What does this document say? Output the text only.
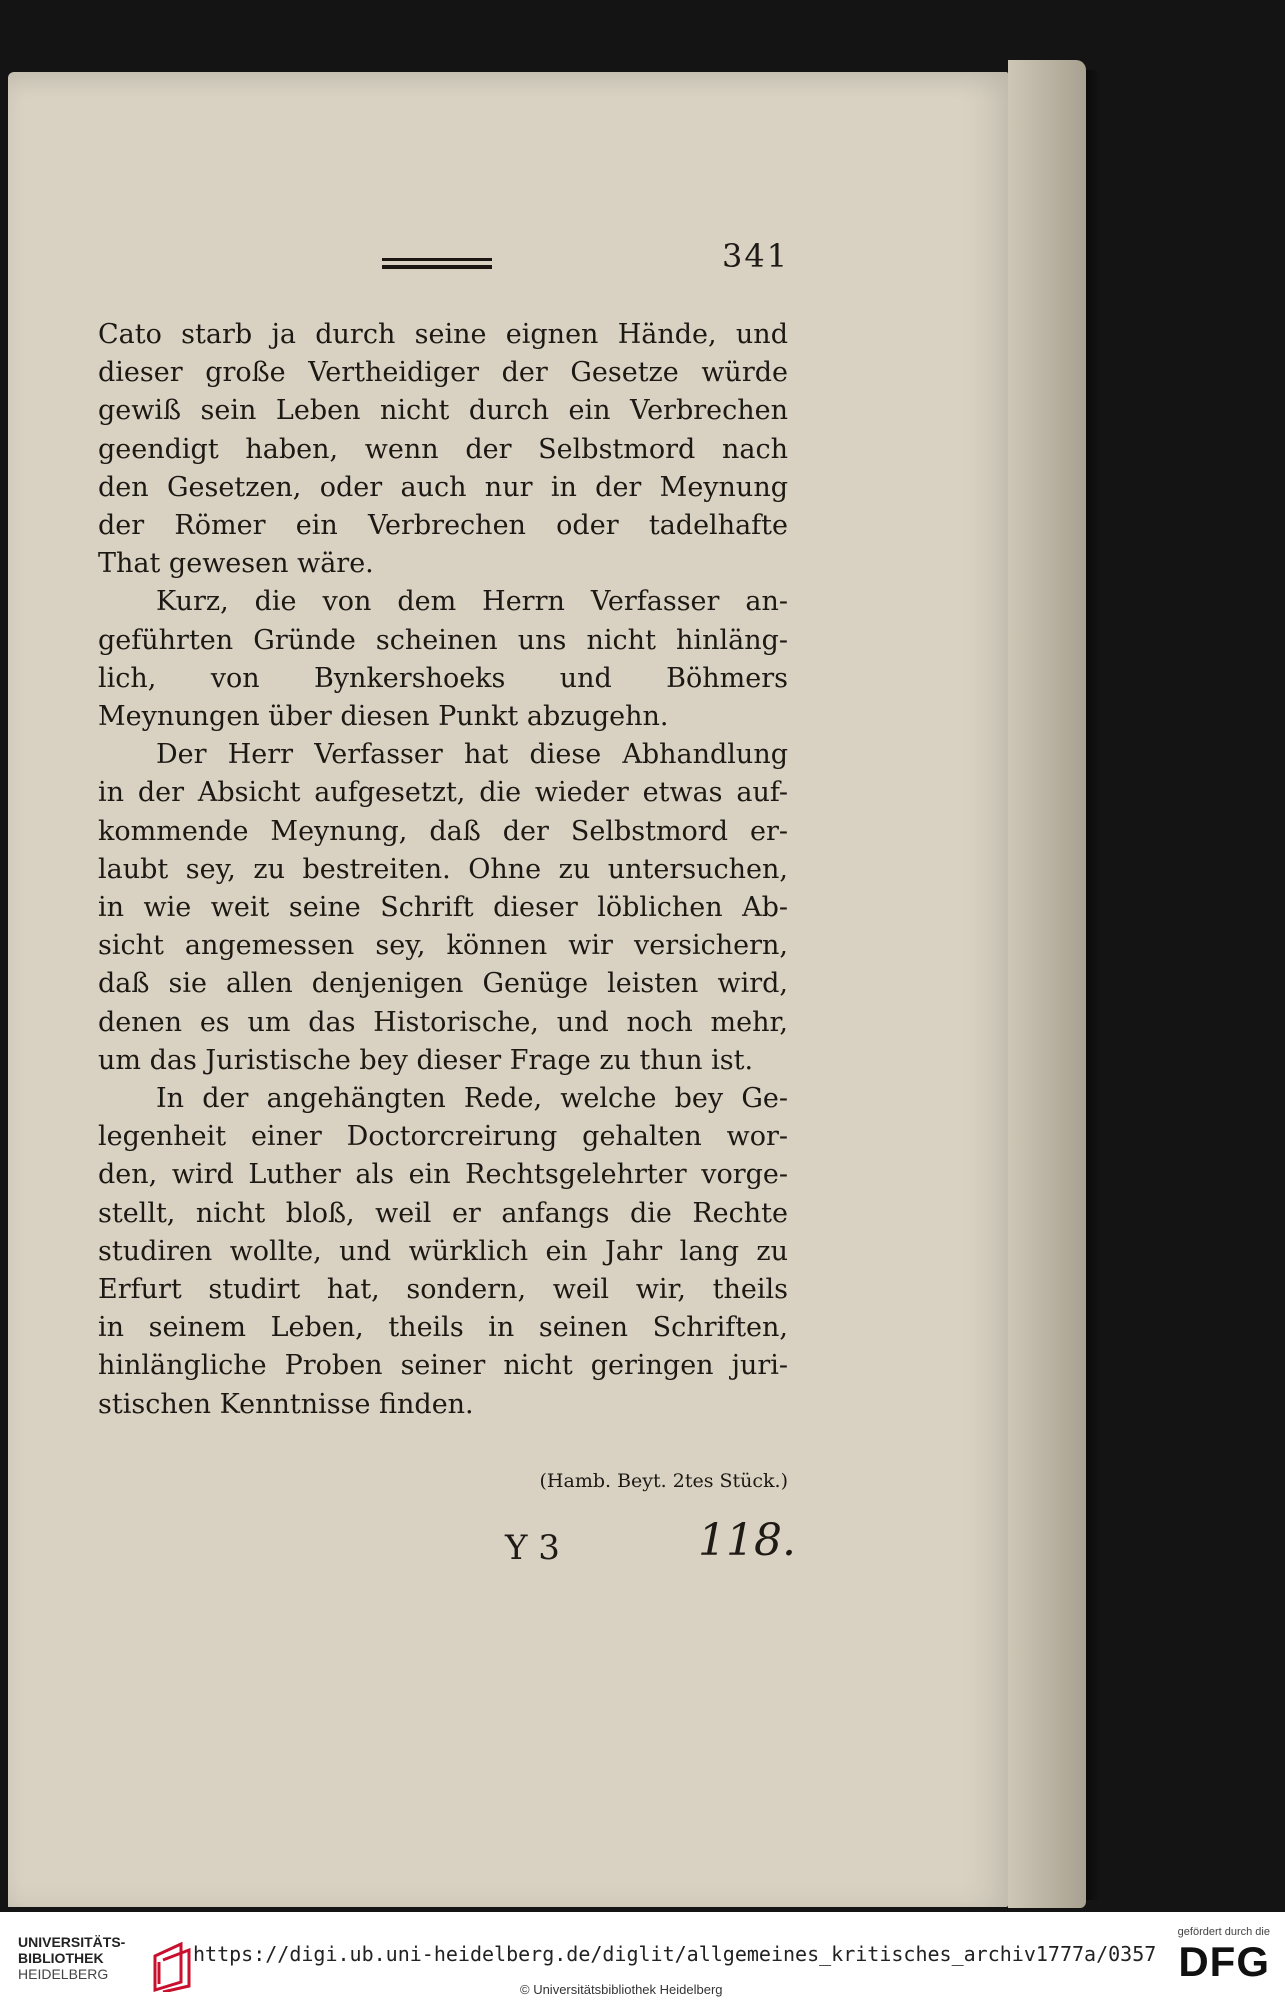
341
Cato starb ja durch seine eignen Hände, und
dieser große Vertheidiger der Gesetze würde
gewiß sein Leben nicht durch ein Verbrechen
geendigt haben, wenn der Selbstmord nach
den Gesetzen, oder auch nur in der Meynung
der Römer ein Verbrechen oder tadelhafte
That gewesen wäre.
Kurz, die von dem Herrn Verfasser an-
geführten Gründe scheinen uns nicht hinläng-
lich, von Bynkershoeks und Böhmers
Meynungen über diesen Punkt abzugehn.
Der Herr Verfasser hat diese Abhandlung
in der Absicht aufgesetzt, die wieder etwas auf-
kommende Meynung, daß der Selbstmord er-
laubt sey, zu bestreiten. Ohne zu untersuchen,
in wie weit seine Schrift dieser löblichen Ab-
sicht angemessen sey, können wir versichern,
daß sie allen denjenigen Genüge leisten wird,
denen es um das Historische, und noch mehr,
um das Juristische bey dieser Frage zu thun ist.
In der angehängten Rede, welche bey Ge-
legenheit einer Doctorcreirung gehalten wor-
den, wird Luther als ein Rechtsgelehrter vorge-
stellt, nicht bloß, weil er anfangs die Rechte
studiren wollte, und würklich ein Jahr lang zu
Erfurt studirt hat, sondern, weil wir, theils
in seinem Leben, theils in seinen Schriften,
hinlängliche Proben seiner nicht geringen juri-
stischen Kenntnisse finden.
(Hamb. Beyt. 2tes Stück.)
Y 3	118.
UNIVERSITÄTS-
BIBLIOTHEK
HEIDELBERG
https://digi.ub.uni-heidelberg.de/diglit/allgemeines_kritisches_archiv1777a/0357
© Universitätsbibliothek Heidelberg
gefördert durch die
DFG
